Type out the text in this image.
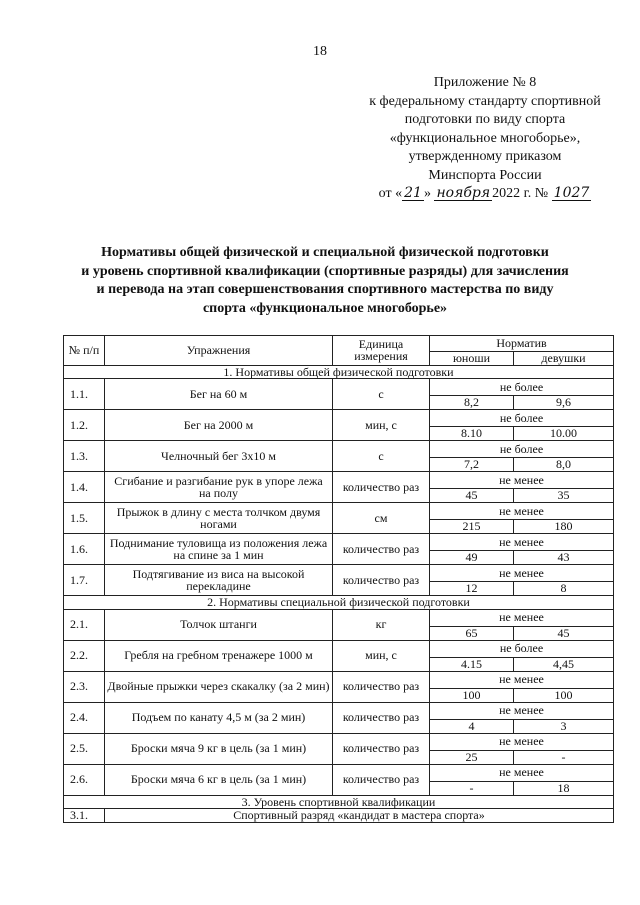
18
Приложение № 8
к федеральному стандарту спортивной
подготовки по виду спорта
«функциональное многоборье»,
утвержденному приказом
Минспорта России
от « 21 » ноября 2022 г. № 1027
Нормативы общей физической и специальной физической подготовки
и уровень спортивной квалификации (спортивные разряды) для зачисления
и перевода на этап совершенствования спортивного мастерства по виду
спорта «функциональное многоборье»
№ п/п	Упражнения	Единица измерения	Норматив	
			юноши	девушки
1. Нормативы общей физической подготовки				
1.1.	Бег на 60 м	с	не более	
			8,2	9,6
1.2.	Бег на 2000 м	мин, с	не более	
			8.10	10.00
1.3.	Челночный бег 3х10 м	с	не более	
			7,2	8,0
1.4.	Сгибание и разгибание рук в упоре лежа на полу	количество раз	не менее	
			45	35
1.5.	Прыжок в длину с места толчком двумя ногами	см	не менее	
			215	180
1.6.	Поднимание туловища из положения лежа на спине за 1 мин	количество раз	не менее	
			49	43
1.7.	Подтягивание из виса на высокой перекладине	количество раз	не менее	
			12	8
2. Нормативы специальной физической подготовки				
2.1.	Толчок штанги	кг	не менее	
			65	45
2.2.	Гребля на гребном тренажере 1000 м	мин, с	не более	
			4.15	4,45
2.3.	Двойные прыжки через скакалку (за 2 мин)	количество раз	не менее	
			100	100
2.4.	Подъем по канату 4,5 м (за 2 мин)	количество раз	не менее	
			4	3
2.5.	Броски мяча 9 кг в цель (за 1 мин)	количество раз	не менее	
			25	-
2.6.	Броски мяча 6 кг в цель (за 1 мин)	количество раз	не менее	
			-	18
3. Уровень спортивной квалификации				
3.1.	Спортивный разряд «кандидат в мастера спорта»			
